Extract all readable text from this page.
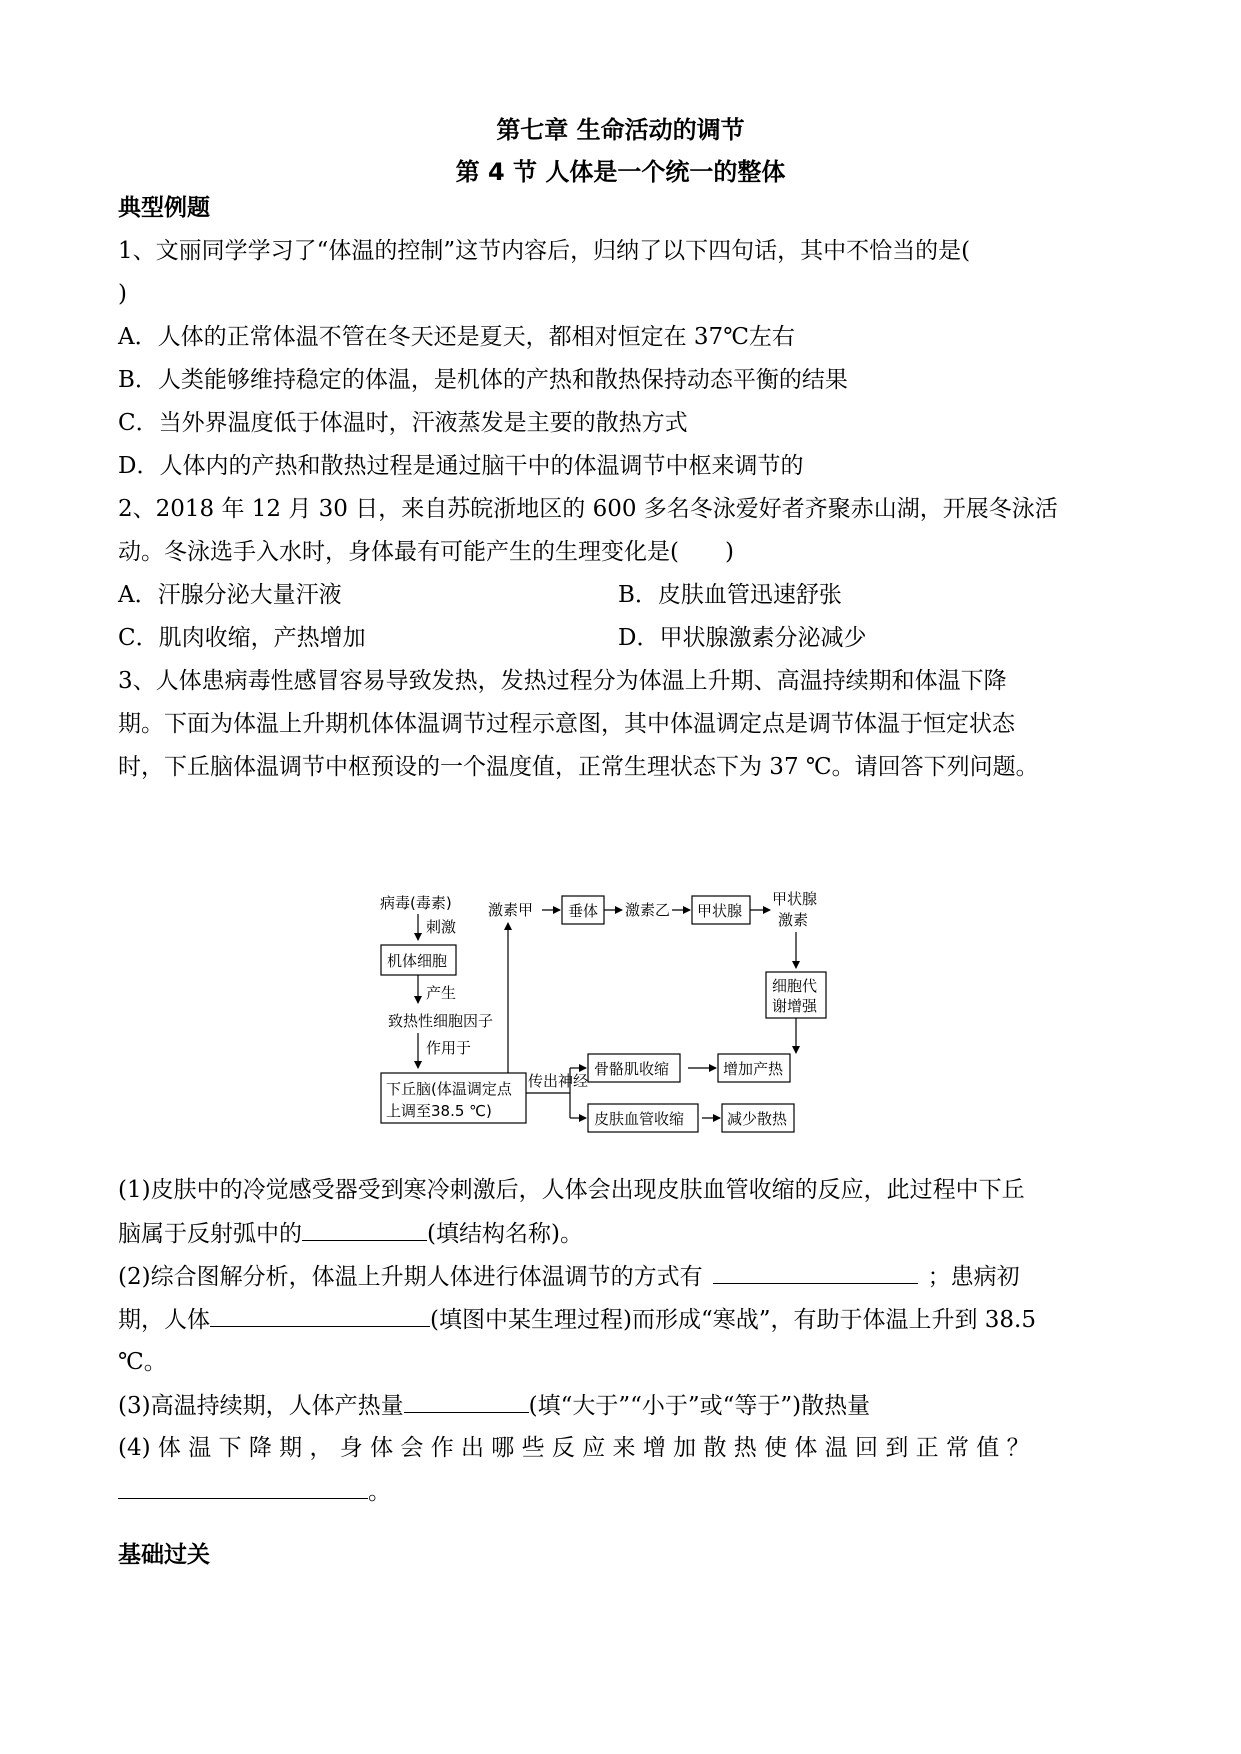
第七章 生命活动的调节
第 4 节 人体是一个统一的整体
典型例题
1、文丽同学学习了“体温的控制”这节内容后，归纳了以下四句话，其中不恰当的是(
)
A．人体的正常体温不管在冬天还是夏天，都相对恒定在 37℃左右
B．人类能够维持稳定的体温，是机体的产热和散热保持动态平衡的结果
C．当外界温度低于体温时，汗液蒸发是主要的散热方式
D．人体内的产热和散热过程是通过脑干中的体温调节中枢来调节的
2、2018 年 12 月 30 日，来自苏皖浙地区的 600 多名冬泳爱好者齐聚赤山湖，开展冬泳活
动。冬泳选手入水时，身体最有可能产生的生理变化是(　　)
A．汗腺分泌大量汗液	B．皮肤血管迅速舒张
C．肌肉收缩，产热增加	D．甲状腺激素分泌减少
3、人体患病毒性感冒容易导致发热，发热过程分为体温上升期、高温持续期和体温下降
期。下面为体温上升期机体体温调节过程示意图，其中体温调定点是调节体温于恒定状态
时，下丘脑体温调节中枢预设的一个温度值，正常生理状态下为 37 ℃。请回答下列问题。
病毒(毒素)
刺激
机体细胞
产生
致热性细胞因子
作用于
下丘脑(体温调定点
上调至38.5 ℃)
激素甲 垂体 激素乙 甲状腺
甲状腺
激素
细胞代
谢增强
传出神经
骨骼肌收缩	增加产热
皮肤血管收缩	减少散热
(1)皮肤中的冷觉感受器受到寒冷刺激后，人体会出现皮肤血管收缩的反应，此过程中下丘
脑属于反射弧中的	(填结构名称)。
(2)综合图解分析，体温上升期人体进行体温调节的方式有	；患病初
期，人体	(填图中某生理过程)而形成“寒战”，有助于体温上升到 38.5
℃。
(3)高温持续期，人体产热量	(填“大于”“小于”或“等于”)散热量
(4) 体 温 下 降 期 ， 身 体 会 作 出 哪 些 反 应 来 增 加 散 热 使 体 温 回 到 正 常 值 ？
。
基础过关
